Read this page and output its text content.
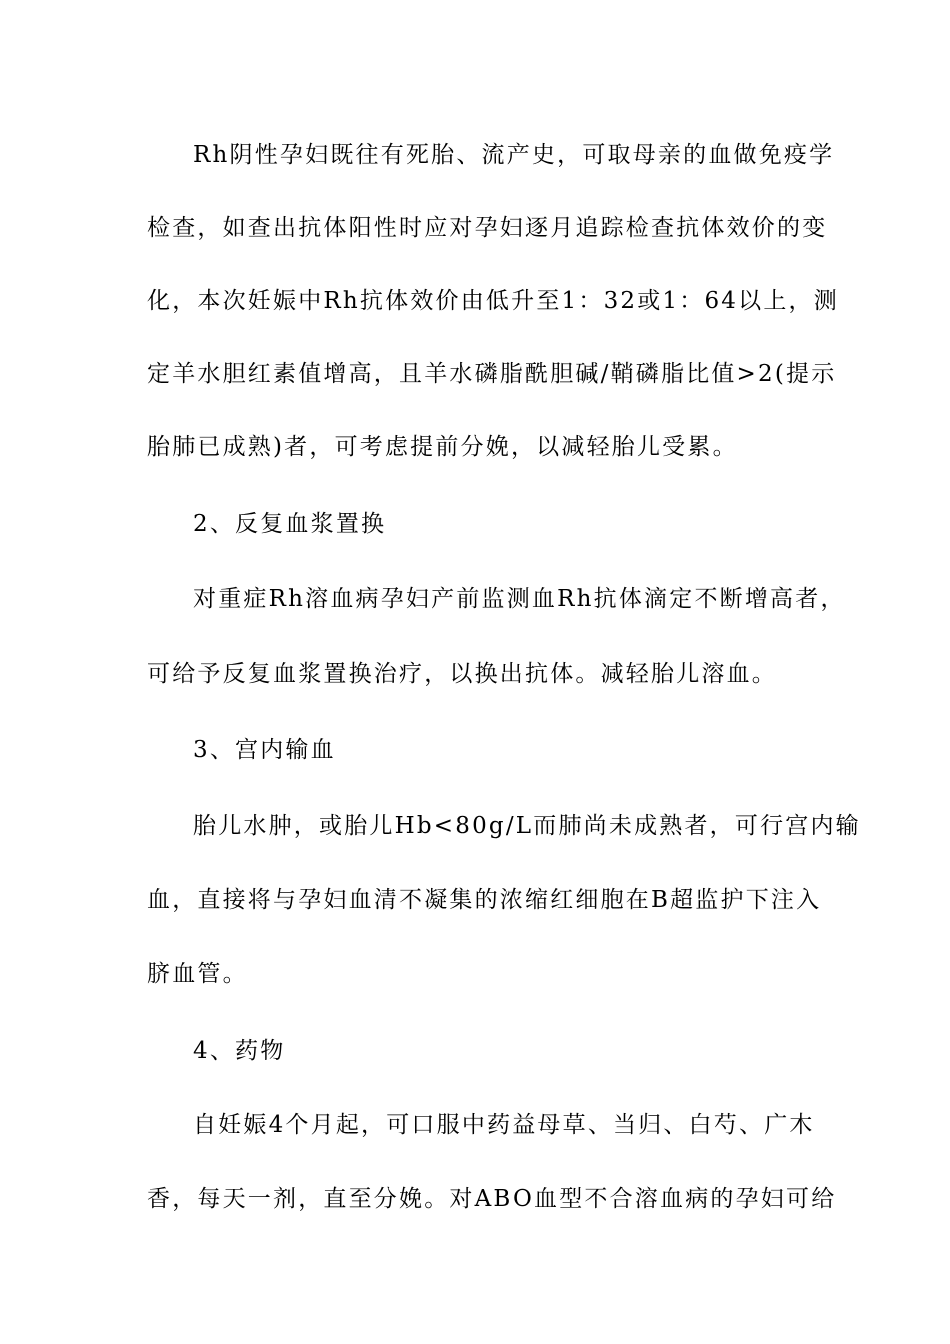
Rh阴性孕妇既往有死胎、流产史，可取母亲的血做免疫学
检查，如查出抗体阳性时应对孕妇逐月追踪检查抗体效价的变
化，本次妊娠中Rh抗体效价由低升至1：32或1：64以上，测
定羊水胆红素值增高，且羊水磷脂酰胆碱/鞘磷脂比值>2(提示
胎肺已成熟)者，可考虑提前分娩，以减轻胎儿受累。
2、反复血浆置换
对重症Rh溶血病孕妇产前监测血Rh抗体滴定不断增高者，
可给予反复血浆置换治疗，以换出抗体。减轻胎儿溶血。
3、宫内输血
胎儿水肿，或胎儿Hb<80g/L而肺尚未成熟者，可行宫内输
血，直接将与孕妇血清不凝集的浓缩红细胞在B超监护下注入
脐血管。
4、药物
自妊娠4个月起，可口服中药益母草、当归、白芍、广木
香，每天一剂，直至分娩。对ABO血型不合溶血病的孕妇可给
